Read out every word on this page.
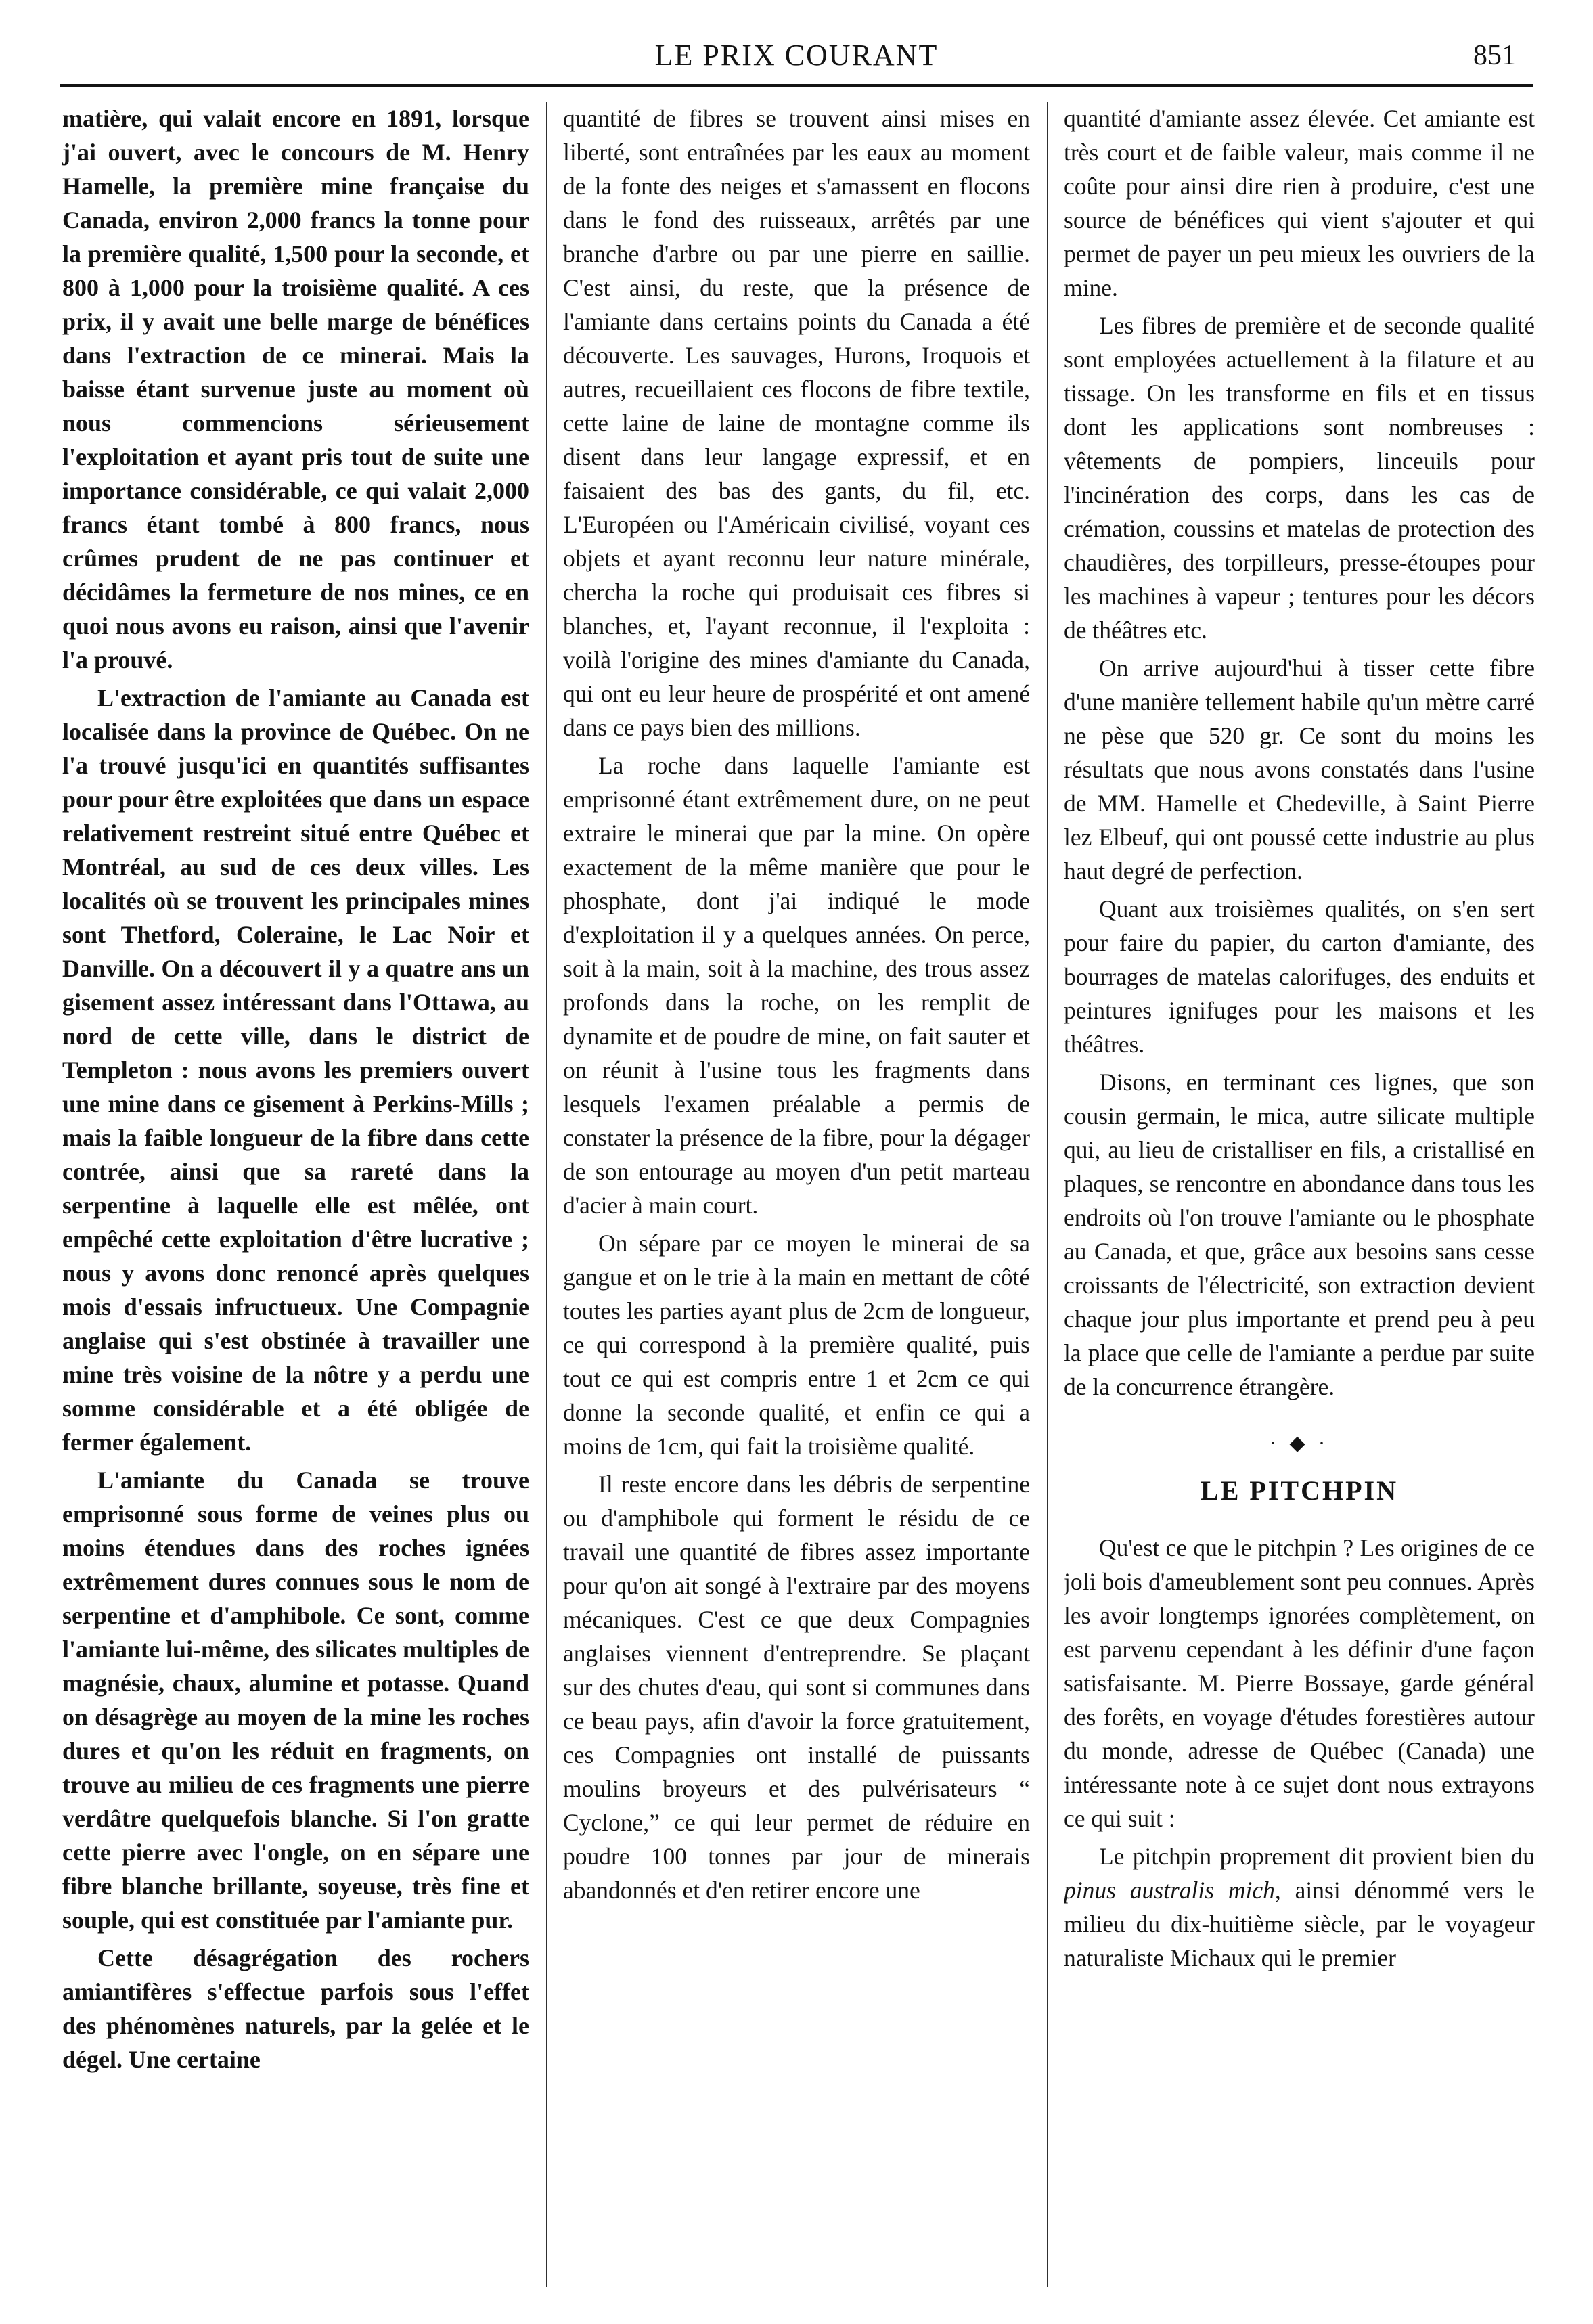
LE PRIX COURANT	851

matière, qui valait encore en 1891, lorsque j'ai ouvert, avec le concours de M. Henry Hamelle, la première mine française du Canada, environ 2,000 francs la tonne pour la première qualité, 1,500 pour la seconde, et 800 à 1,000 pour la troisième qualité. A ces prix, il y avait une belle marge de bénéfices dans l'extraction de ce minerai. Mais la baisse étant survenue juste au moment où nous commencions sérieusement l'exploitation et ayant pris tout de suite une importance considérable, ce qui valait 2,000 francs étant tombé à 800 francs, nous crûmes prudent de ne pas continuer et décidâmes la fermeture de nos mines, ce en quoi nous avons eu raison, ainsi que l'avenir l'a prouvé.

L'extraction de l'amiante au Canada est localisée dans la province de Québec. On ne l'a trouvé jusqu'ici en quantités suffisantes pour pour être exploitées que dans un espace relativement restreint situé entre Québec et Montréal, au sud de ces deux villes. Les localités où se trouvent les principales mines sont Thetford, Coleraine, le Lac Noir et Danville. On a découvert il y a quatre ans un gisement assez intéressant dans l'Ottawa, au nord de cette ville, dans le district de Templeton : nous avons les premiers ouvert une mine dans ce gisement à Perkins-Mills ; mais la faible longueur de la fibre dans cette contrée, ainsi que sa rareté dans la serpentine à laquelle elle est mêlée, ont empêché cette exploitation d'être lucrative ; nous y avons donc renoncé après quelques mois d'essais infructueux. Une Compagnie anglaise qui s'est obstinée à travailler une mine très voisine de la nôtre y a perdu une somme considérable et a été obligée de fermer également.

L'amiante du Canada se trouve emprisonné sous forme de veines plus ou moins étendues dans des roches ignées extrêmement dures connues sous le nom de serpentine et d'amphibole. Ce sont, comme l'amiante lui-même, des silicates multiples de magnésie, chaux, alumine et potasse. Quand on désagrège au moyen de la mine les roches dures et qu'on les réduit en fragments, on trouve au milieu de ces fragments une pierre verdâtre quelquefois blanche. Si l'on gratte cette pierre avec l'ongle, on en sépare une fibre blanche brillante, soyeuse, très fine et souple, qui est constituée par l'amiante pur.

Cette désagrégation des rochers amiantifères s'effectue parfois sous l'effet des phénomènes naturels, par la gelée et le dégel. Une certaine

quantité de fibres se trouvent ainsi mises en liberté, sont entraînées par les eaux au moment de la fonte des neiges et s'amassent en flocons dans le fond des ruisseaux, arrêtés par une branche d'arbre ou par une pierre en saillie. C'est ainsi, du reste, que la présence de l'amiante dans certains points du Canada a été découverte. Les sauvages, Hurons, Iroquois et autres, recueillaient ces flocons de fibre textile, cette laine de laine de montagne comme ils disent dans leur langage expressif, et en faisaient des bas des gants, du fil, etc. L'Européen ou l'Américain civilisé, voyant ces objets et ayant reconnu leur nature minérale, chercha la roche qui produisait ces fibres si blanches, et, l'ayant reconnue, il l'exploita : voilà l'origine des mines d'amiante du Canada, qui ont eu leur heure de prospérité et ont amené dans ce pays bien des millions.

La roche dans laquelle l'amiante est emprisonné étant extrêmement dure, on ne peut extraire le minerai que par la mine. On opère exactement de la même manière que pour le phosphate, dont j'ai indiqué le mode d'exploitation il y a quelques années. On perce, soit à la main, soit à la machine, des trous assez profonds dans la roche, on les remplit de dynamite et de poudre de mine, on fait sauter et on réunit à l'usine tous les fragments dans lesquels l'examen préalable a permis de constater la présence de la fibre, pour la dégager de son entourage au moyen d'un petit marteau d'acier à main court.

On sépare par ce moyen le minerai de sa gangue et on le trie à la main en mettant de côté toutes les parties ayant plus de 2cm de longueur, ce qui correspond à la première qualité, puis tout ce qui est compris entre 1 et 2cm ce qui donne la seconde qualité, et enfin ce qui a moins de 1cm, qui fait la troisième qualité.

Il reste encore dans les débris de serpentine ou d'amphibole qui forment le résidu de ce travail une quantité de fibres assez importante pour qu'on ait songé à l'extraire par des moyens mécaniques. C'est ce que deux Compagnies anglaises viennent d'entreprendre. Se plaçant sur des chutes d'eau, qui sont si communes dans ce beau pays, afin d'avoir la force gratuitement, ces Compagnies ont installé de puissants moulins broyeurs et des pulvérisateurs “ Cyclone,” ce qui leur permet de réduire en poudre 100 tonnes par jour de minerais abandonnés et d'en retirer encore une

quantité d'amiante assez élevée. Cet amiante est très court et de faible valeur, mais comme il ne coûte pour ainsi dire rien à produire, c'est une source de bénéfices qui vient s'ajouter et qui permet de payer un peu mieux les ouvriers de la mine.

Les fibres de première et de seconde qualité sont employées actuellement à la filature et au tissage. On les transforme en fils et en tissus dont les applications sont nombreuses : vêtements de pompiers, linceuils pour l'incinération des corps, dans les cas de crémation, coussins et matelas de protection des chaudières, des torpilleurs, presse-étoupes pour les machines à vapeur ; tentures pour les décors de théâtres etc.

On arrive aujourd'hui à tisser cette fibre d'une manière tellement habile qu'un mètre carré ne pèse que 520 gr. Ce sont du moins les résultats que nous avons constatés dans l'usine de MM. Hamelle et Chedeville, à Saint Pierre lez Elbeuf, qui ont poussé cette industrie au plus haut degré de perfection.

Quant aux troisièmes qualités, on s'en sert pour faire du papier, du carton d'amiante, des bourrages de matelas calorifuges, des enduits et peintures ignifuges pour les maisons et les théâtres.

Disons, en terminant ces lignes, que son cousin germain, le mica, autre silicate multiple qui, au lieu de cristalliser en fils, a cristallisé en plaques, se rencontre en abondance dans tous les endroits où l'on trouve l'amiante ou le phosphate au Canada, et que, grâce aux besoins sans cesse croissants de l'électricité, son extraction devient chaque jour plus importante et prend peu à peu la place que celle de l'amiante a perdue par suite de la concurrence étrangère.

· ◆ ·
LE PITCHPIN

Qu'est ce que le pitchpin ? Les origines de ce joli bois d'ameublement sont peu connues. Après les avoir longtemps ignorées complètement, on est parvenu cependant à les définir d'une façon satisfaisante. M. Pierre Bossaye, garde général des forêts, en voyage d'études forestières autour du monde, adresse de Québec (Canada) une intéressante note à ce sujet dont nous extrayons ce qui suit :

Le pitchpin proprement dit provient bien du pinus australis mich, ainsi dénommé vers le milieu du dix-huitième siècle, par le voyageur naturaliste Michaux qui le premier
